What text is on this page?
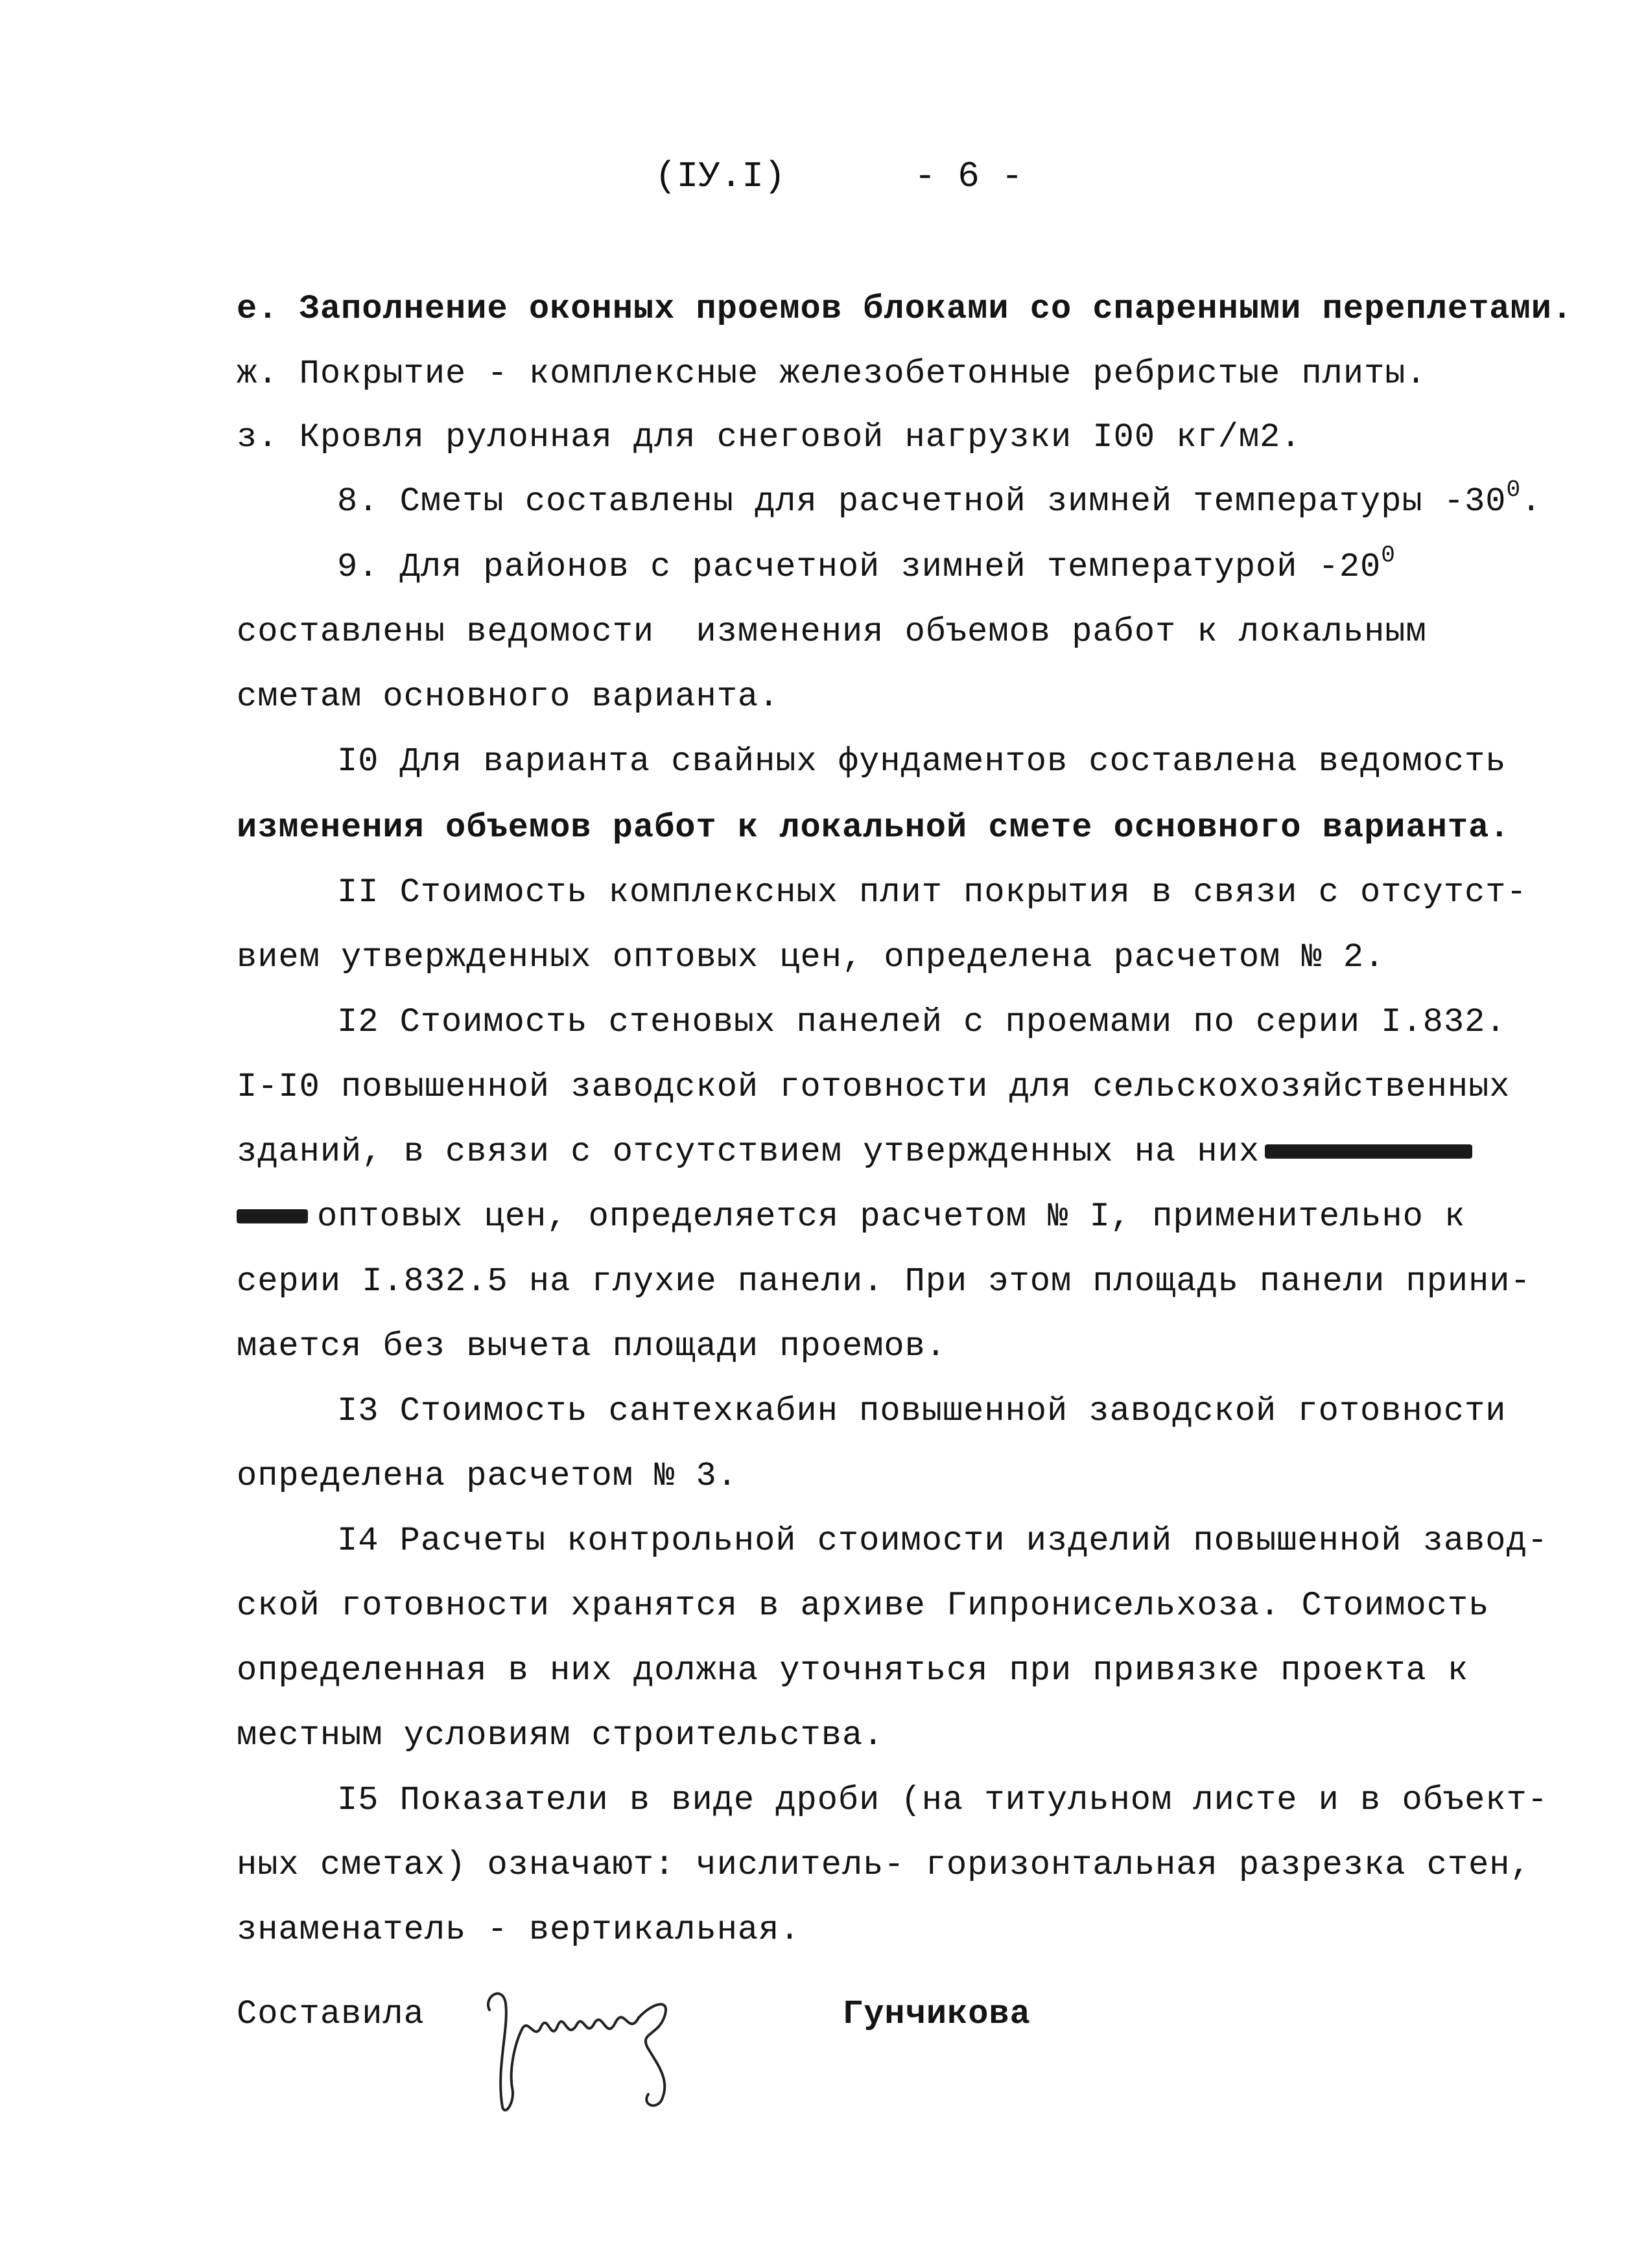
(IУ.I)	- 6 -
е. Заполнение оконных проемов блоками со спаренными переплетами.
ж. Покрытие - комплексные железобетонные ребристые плиты.
з. Кровля рулонная для снеговой нагрузки I00 кг/м2.
8. Сметы составлены для расчетной зимней температуры $-30^0$.
9. Для районов с расчетной зимней температурой $-20^0$
составлены ведомости  изменения объемов работ к локальным
сметам основного варианта.
I0 Для варианта свайных фундаментов составлена ведомость
изменения объемов работ к локальной смете основного варианта.
II Стоимость комплексных плит покрытия в связи с отсутст-
вием утвержденных оптовых цен, определена расчетом № 2.
I2 Стоимость стеновых панелей с проемами по серии I.832.
I-I0 повышенной заводской готовности для сельскохозяйственных
зданий, в связи с отсутствием утвержденных на них
оптовых цен, определяется расчетом № I, применительно к
серии I.832.5 на глухие панели. При этом площадь панели прини-
мается без вычета площади проемов.
I3 Стоимость сантехкабин повышенной заводской готовности
определена расчетом № 3.
I4 Расчеты контрольной стоимости изделий повышенной завод-
ской готовности хранятся в архиве Гипронисельхоза. Стоимость
определенная в них должна уточняться при привязке проекта к
местным условиям строительства.
I5 Показатели в виде дроби (на титульном листе и в объект-
ных сметах) означают: числитель- горизонтальная разрезка стен,
знаменатель - вертикальная.
Составила	Гунчикова
